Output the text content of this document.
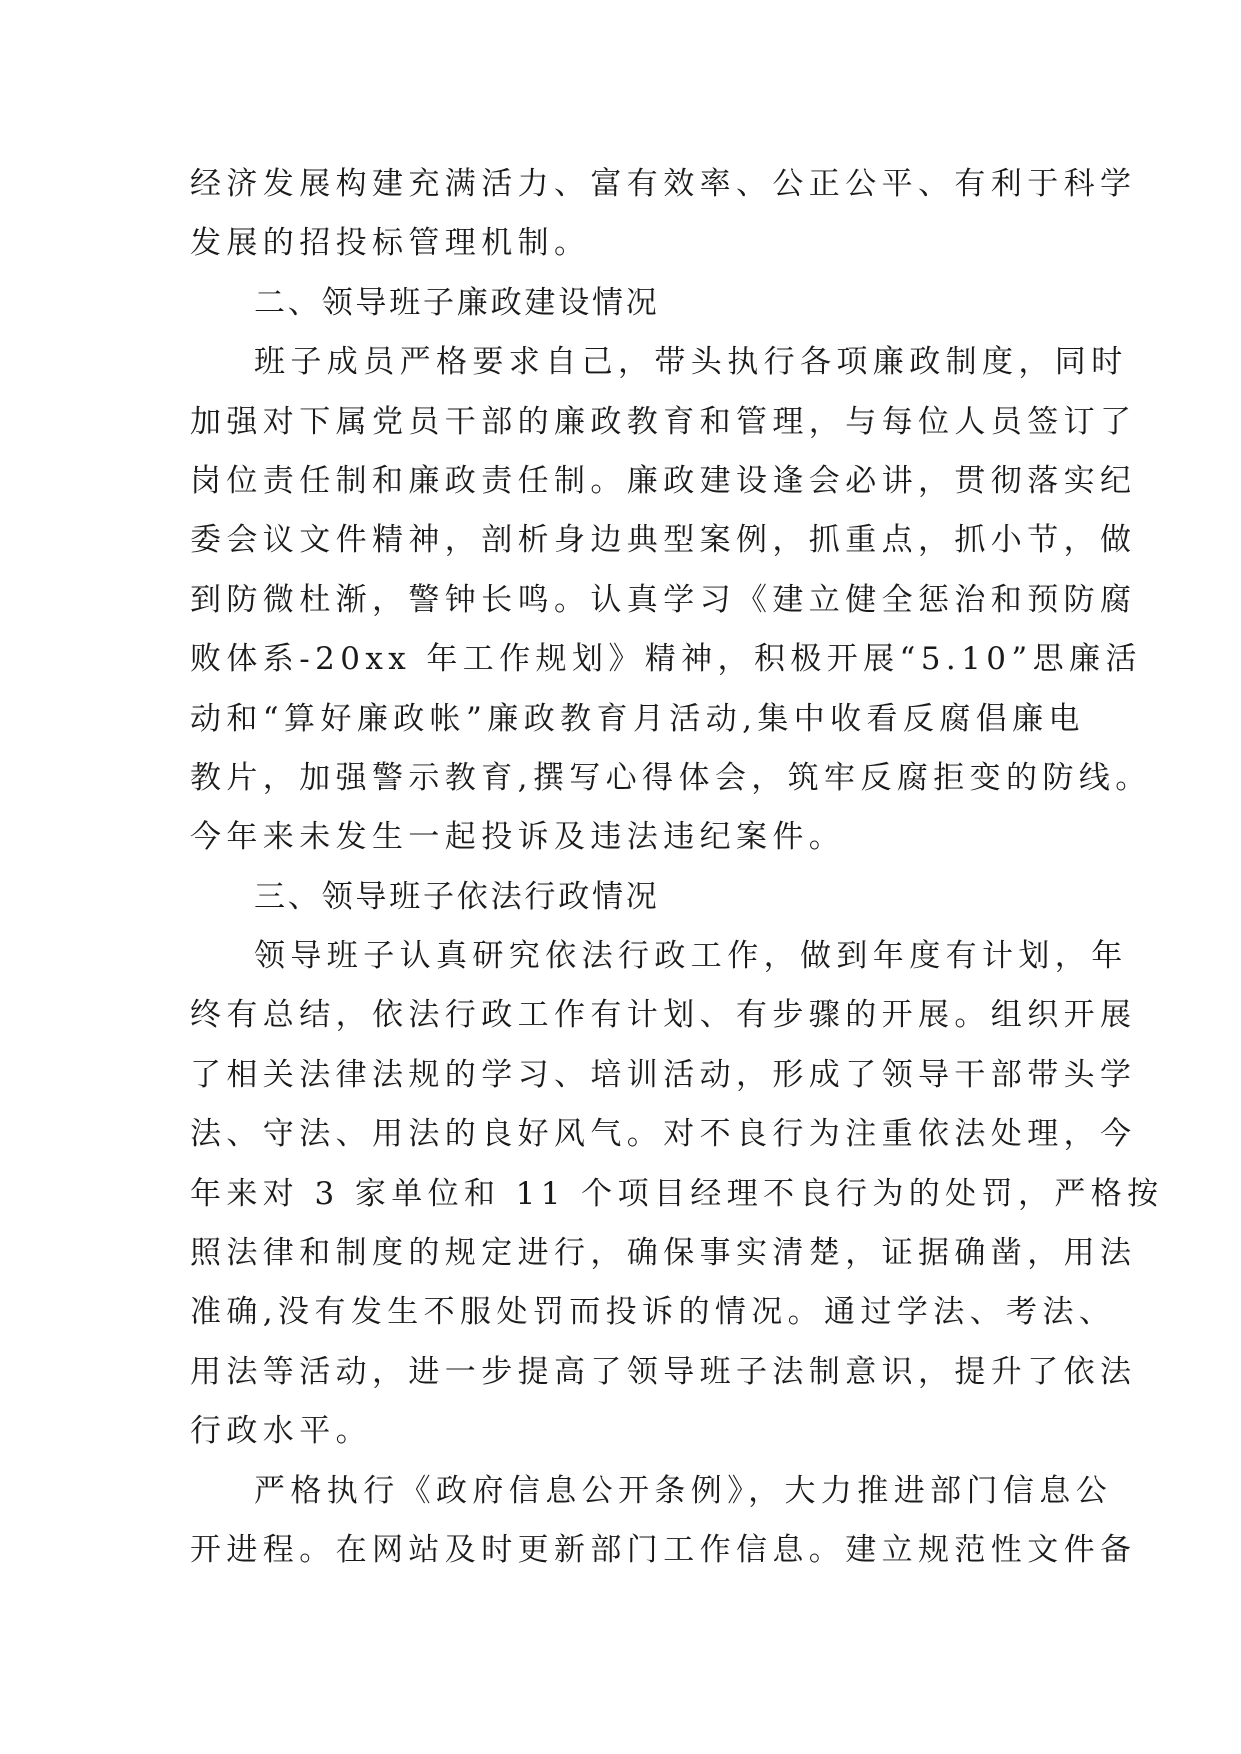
经济发展构建充满活力、富有效率、公正公平、有利于科学
发展的招投标管理机制。
二、领导班子廉政建设情况
班子成员严格要求自己，带头执行各项廉政制度，同时
加强对下属党员干部的廉政教育和管理，与每位人员签订了
岗位责任制和廉政责任制。廉政建设逢会必讲，贯彻落实纪
委会议文件精神，剖析身边典型案例，抓重点，抓小节，做
到防微杜渐，警钟长鸣。认真学习《建立健全惩治和预防腐
败体系-20xx 年工作规划》精神，积极开展“5.10”思廉活
动和“算好廉政帐”廉政教育月活动,集中收看反腐倡廉电
教片，加强警示教育,撰写心得体会，筑牢反腐拒变的防线。
今年来未发生一起投诉及违法违纪案件。
三、领导班子依法行政情况
领导班子认真研究依法行政工作，做到年度有计划，年
终有总结，依法行政工作有计划、有步骤的开展。组织开展
了相关法律法规的学习、培训活动，形成了领导干部带头学
法、守法、用法的良好风气。对不良行为注重依法处理，今
年来对 3 家单位和 11 个项目经理不良行为的处罚，严格按
照法律和制度的规定进行，确保事实清楚，证据确凿，用法
准确,没有发生不服处罚而投诉的情况。通过学法、考法、
用法等活动，进一步提高了领导班子法制意识，提升了依法
行政水平。
严格执行《政府信息公开条例》，大力推进部门信息公
开进程。在网站及时更新部门工作信息。建立规范性文件备
